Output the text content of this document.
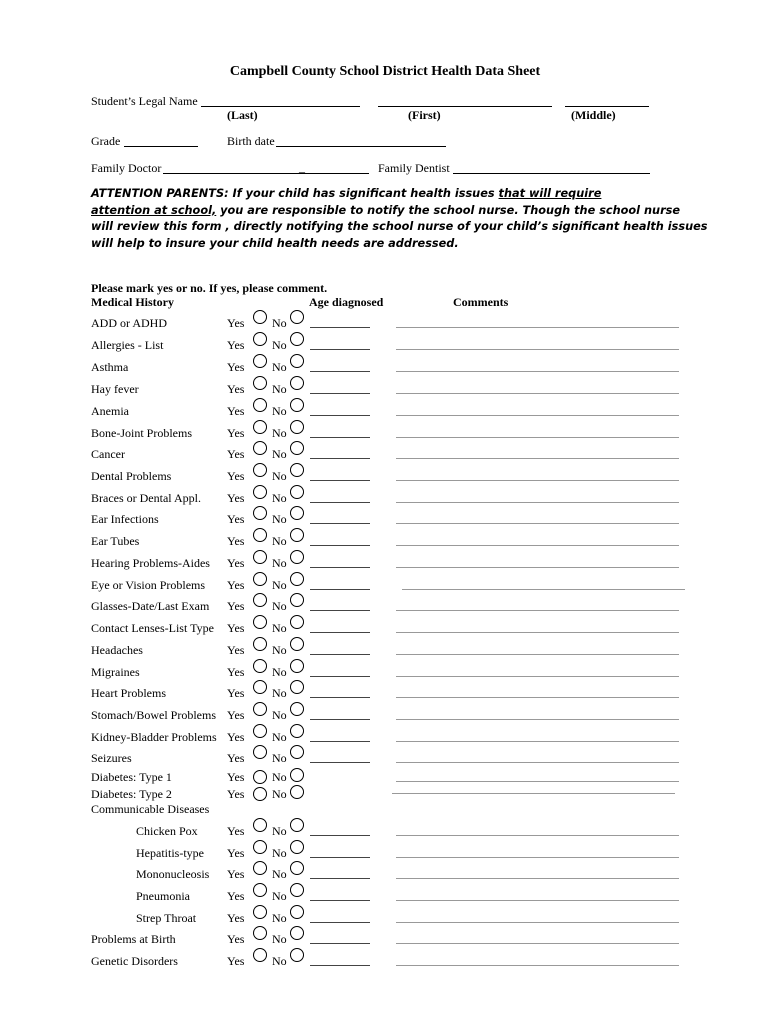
Campbell County School District Health Data Sheet
Student’s Legal Name
(Last)	(First)	(Middle)
Grade	Birth date
Family Doctor	_	Family Dentist

ATTENTION PARENTS: If your child has significant health issues that will require

attention at school, you are responsible to notify the school nurse. Though the school nurse

will review this form , directly notifying the school nurse of your child’s significant health issues

will help to insure your child health needs are addressed.

Please mark yes or no. If yes, please comment.
Medical History	Age diagnosed	Comments
ADD or ADHD	Yes No
Allergies - List	Yes No
Asthma	Yes No
Hay fever	Yes No
Anemia	Yes No
Bone-Joint Problems	Yes No
Cancer	Yes No
Dental Problems	Yes No
Braces or Dental Appl. Yes No
Ear Infections	Yes No
Ear Tubes	Yes No
Hearing Problems-Aides Yes No
Eye or Vision Problems Yes No
Glasses-Date/Last Exam Yes No
Contact Lenses-List Type Yes No
Headaches	Yes No
Migraines	Yes No
Heart Problems	Yes No
Stomach/Bowel Problems Yes No
Kidney-Bladder Problems Yes No
Seizures	Yes No
Diabetes: Type 1	Yes No
Diabetes: Type 2	Yes No
Communicable Diseases
Chicken Pox Yes No
Hepatitis-type Yes No
Mononucleosis Yes No
Pneumonia	Yes No
Strep Throat	Yes No
Problems at Birth	Yes No
Genetic Disorders	Yes No
